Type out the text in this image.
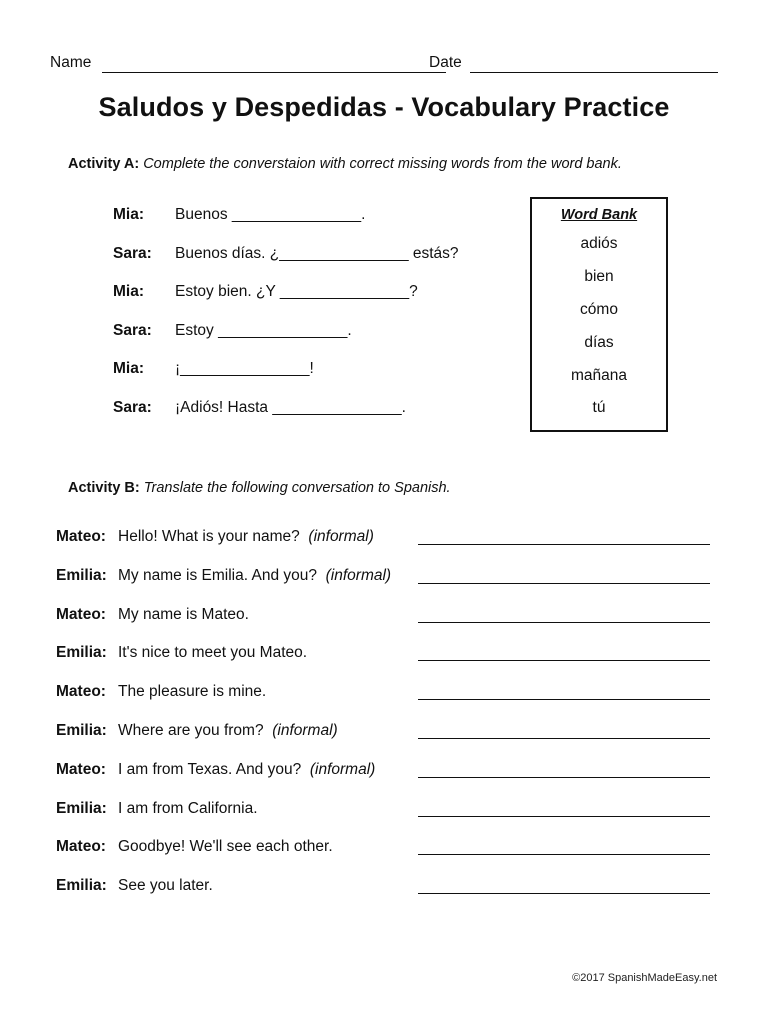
Name	Date
Saludos y Despedidas - Vocabulary Practice
Activity A: Complete the converstaion with correct missing words from the word bank.
Mia: Buenos _______________.
Sara: Buenos días. ¿_______________ estás?
Mia: Estoy bien. ¿Y _______________?
Sara: Estoy _______________.
Mia: ¡_______________!
Sara: ¡Adiós! Hasta _______________.
Word Bank
adiós
bien
cómo
días
mañana
tú
Activity B: Translate the following conversation to Spanish.
Mateo: Hello! What is your name? (informal)
Emilia: My name is Emilia. And you? (informal)
Mateo: My name is Mateo.
Emilia: It's nice to meet you Mateo.
Mateo: The pleasure is mine.
Emilia: Where are you from? (informal)
Mateo: I am from Texas. And you? (informal)
Emilia: I am from California.
Mateo: Goodbye! We'll see each other.
Emilia: See you later.
©2017 SpanishMadeEasy.net
